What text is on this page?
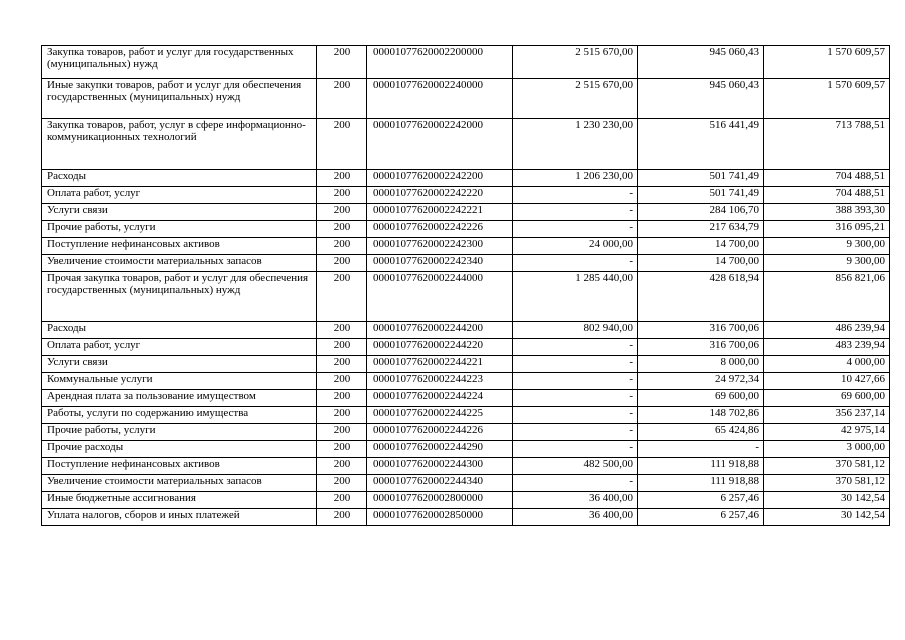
Закупка товаров, работ и услуг для государственных (муниципальных) нужд	200	00001077620002200000	2 515 670,00	945 060,43	1 570 609,57
Иные закупки товаров, работ и услуг для обеспечения государственных (муниципальных) нужд	200	00001077620002240000	2 515 670,00	945 060,43	1 570 609,57
Закупка товаров, работ, услуг в сфере информационно-коммуникационных технологий	200	00001077620002242000	1 230 230,00	516 441,49	713 788,51
Расходы	200	00001077620002242200	1 206 230,00	501 741,49	704 488,51
Оплата работ, услуг	200	00001077620002242220	-	501 741,49	704 488,51
Услуги связи	200	00001077620002242221	-	284 106,70	388 393,30
Прочие работы, услуги	200	00001077620002242226	-	217 634,79	316 095,21
Поступление нефинансовых активов	200	00001077620002242300	24 000,00	14 700,00	9 300,00
Увеличение стоимости материальных запасов	200	00001077620002242340	-	14 700,00	9 300,00
Прочая закупка товаров, работ и услуг для обеспечения государственных (муниципальных) нужд	200	00001077620002244000	1 285 440,00	428 618,94	856 821,06
Расходы	200	00001077620002244200	802 940,00	316 700,06	486 239,94
Оплата работ, услуг	200	00001077620002244220	-	316 700,06	483 239,94
Услуги связи	200	00001077620002244221	-	8 000,00	4 000,00
Коммунальные услуги	200	00001077620002244223	-	24 972,34	10 427,66
Арендная плата за пользование имуществом	200	00001077620002244224	-	69 600,00	69 600,00
Работы, услуги по содержанию имущества	200	00001077620002244225	-	148 702,86	356 237,14
Прочие работы, услуги	200	00001077620002244226	-	65 424,86	42 975,14
Прочие расходы	200	00001077620002244290	-	-	3 000,00
Поступление нефинансовых активов	200	00001077620002244300	482 500,00	111 918,88	370 581,12
Увеличение стоимости материальных запасов	200	00001077620002244340	-	111 918,88	370 581,12
Иные бюджетные ассигнования	200	00001077620002800000	36 400,00	6 257,46	30 142,54
Уплата налогов, сборов и иных платежей	200	00001077620002850000	36 400,00	6 257,46	30 142,54
